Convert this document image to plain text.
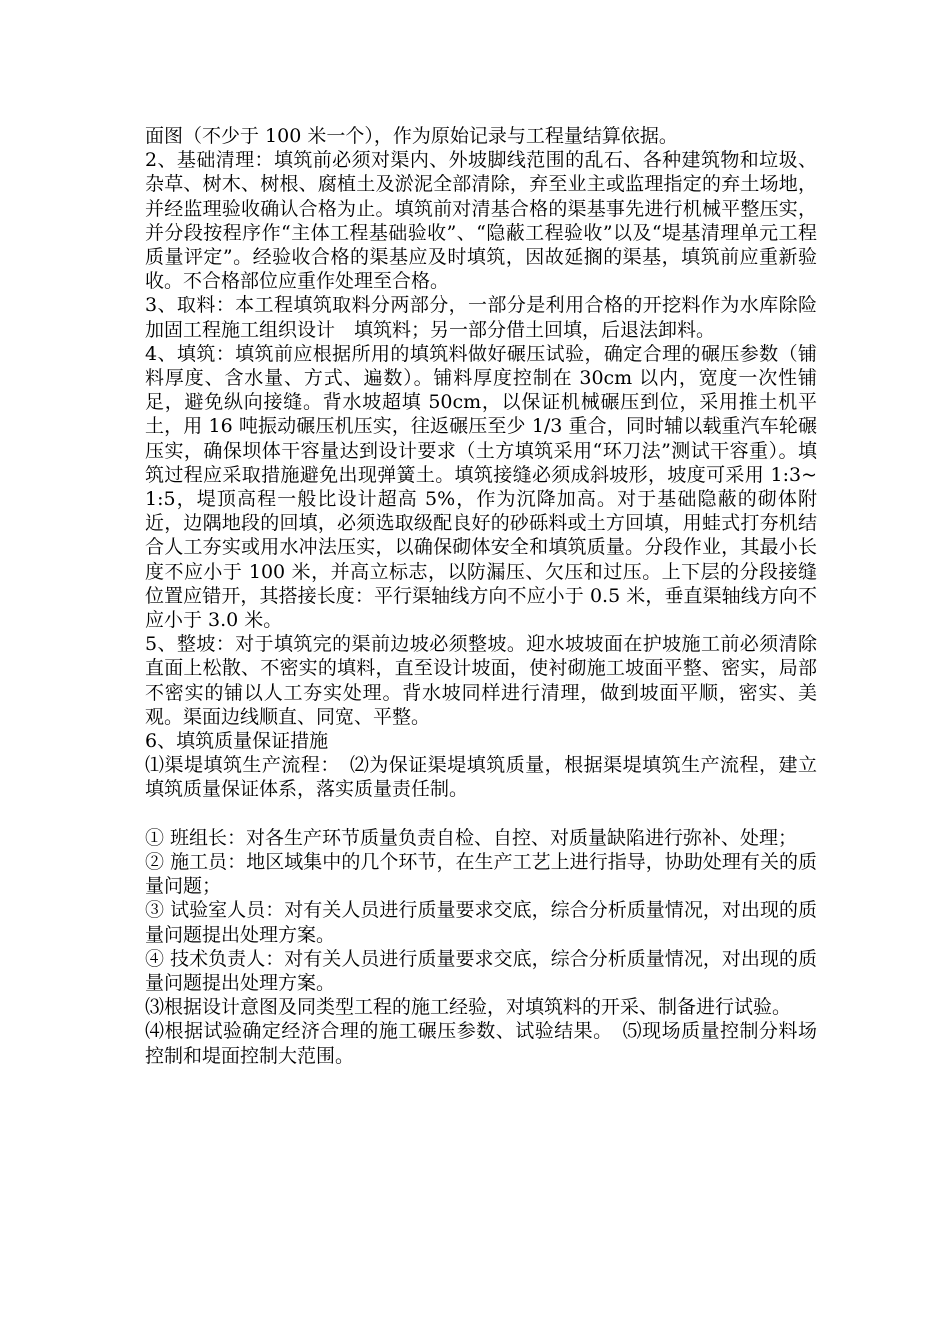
面图（不少于 100 米一个），作为原始记录与工程量结算依据。

2、基础清理：填筑前必须对渠内、外坡脚线范围的乱石、各种建筑物和垃圾、杂草、树木、树根、腐植土及淤泥全部清除，弃至业主或监理指定的弃土场地，并经监理验收确认合格为止。填筑前对清基合格的渠基事先进行机械平整压实，并分段按程序作“主体工程基础验收”、“隐蔽工程验收”以及“堤基清理单元工程质量评定”。经验收合格的渠基应及时填筑，因故延搁的渠基，填筑前应重新验收。不合格部位应重作处理至合格。

3、取料：本工程填筑取料分两部分，一部分是利用合格的开挖料作为水库除险加固工程施工组织设计　填筑料；另一部分借土回填，后退法卸料。

4、填筑：填筑前应根据所用的填筑料做好碾压试验，确定合理的碾压参数（铺料厚度、含水量、方式、遍数）。铺料厚度控制在 30cm 以内，宽度一次性铺足，避免纵向接缝。背水坡超填 50cm，以保证机械碾压到位，采用推土机平土，用 16 吨振动碾压机压实，往返碾压至少 1/3 重合，同时辅以载重汽车轮碾压实，确保坝体干容量达到设计要求（土方填筑采用“环刀法”测试干容重）。填筑过程应采取措施避免出现弹簧土。填筑接缝必须成斜坡形，坡度可采用 1:3~1:5，堤顶高程一般比设计超高 5%，作为沉降加高。对于基础隐蔽的砌体附近，边隅地段的回填，必须选取级配良好的砂砾料或土方回填，用蛙式打夯机结合人工夯实或用水冲法压实，以确保砌体安全和填筑质量。分段作业，其最小长度不应小于 100 米，并高立标志，以防漏压、欠压和过压。上下层的分段接缝位置应错开，其搭接长度：平行渠轴线方向不应小于 0.5 米，垂直渠轴线方向不应小于 3.0 米。

5、整坡：对于填筑完的渠前边坡必须整坡。迎水坡坡面在护坡施工前必须清除直面上松散、不密实的填料，直至设计坡面，使衬砌施工坡面平整、密实，局部不密实的铺以人工夯实处理。背水坡同样进行清理，做到坡面平顺，密实、美观。渠面边线顺直、同宽、平整。

6、填筑质量保证措施

⑴渠堤填筑生产流程：　⑵为保证渠堤填筑质量，根据渠堤填筑生产流程，建立填筑质量保证体系，落实质量责任制。

① 班组长：对各生产环节质量负责自检、自控、对质量缺陷进行弥补、处理；

② 施工员：地区域集中的几个环节，在生产工艺上进行指导，协助处理有关的质量问题；

③ 试验室人员：对有关人员进行质量要求交底，综合分析质量情况，对出现的质量问题提出处理方案。

④ 技术负责人：对有关人员进行质量要求交底，综合分析质量情况，对出现的质量问题提出处理方案。

⑶根据设计意图及同类型工程的施工经验，对填筑料的开采、制备进行试验。

⑷根据试验确定经济合理的施工碾压参数、试验结果。　⑸现场质量控制分料场控制和堤面控制大范围。
